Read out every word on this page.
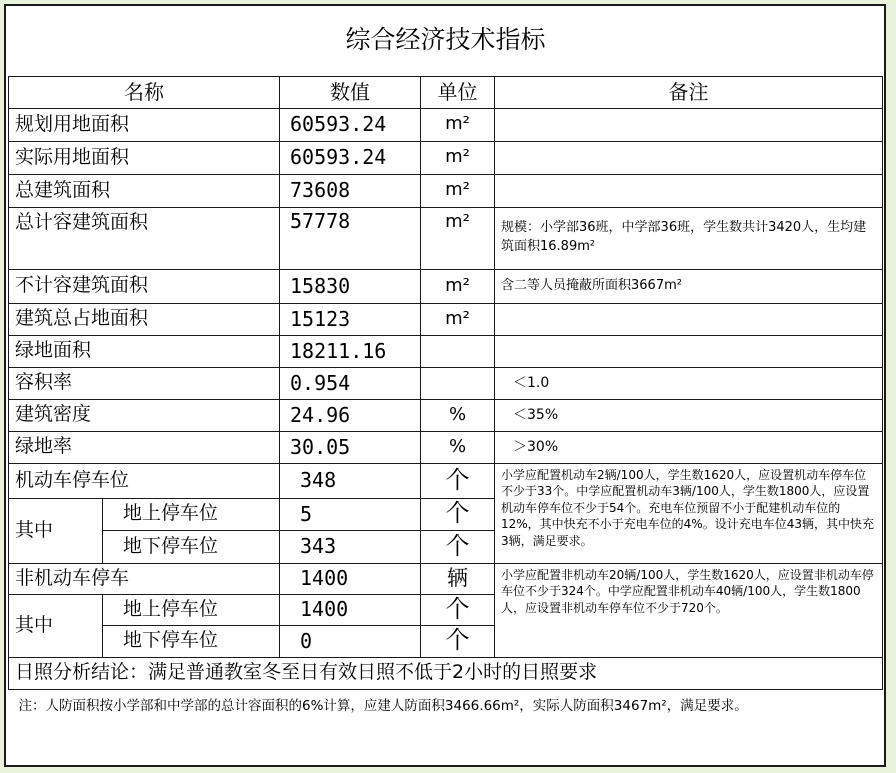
综合经济技术指标				
名称		数值	单位	备注
规划用地面积		60593.24	m²	
实际用地面积		60593.24	m²	
总建筑面积		73608	m²	
总计容建筑面积		57778	m²	规模：小学部36班，中学部36班，学生数共计3420人，生均建筑面积16.89m²
不计容建筑面积		15830	m²	含二等人员掩蔽所面积3667m²
建筑总占地面积		15123	m²	
绿地面积		18211.16		
容积率		0.954		＜1.0
建筑密度		24.96	%	＜35%
绿地率		30.05	%	＞30%
机动车停车位		348	个	小学应配置机动车2辆/100人，学生数1620人，应设置机动车停车位不少于33个。中学应配置机动车3辆/100人，学生数1800人，应设置机动车停车位不少于54个。充电车位预留不小于配建机动车位的12%，其中快充不小于充电车位的4%。设计充电车位43辆，其中快充3辆，满足要求。
其中	地上停车位	5	个	
	地下停车位	343	个	
非机动车停车		1400	辆	小学应配置非机动车20辆/100人，学生数1620人，应设置非机动车停车位不少于324个。中学应配置非机动车40辆/100人，学生数1800人，应设置非机动车停车位不少于720个。
其中	地上停车位	1400	个	
	地下停车位	0	个	
日照分析结论：满足普通教室冬至日有效日照不低于2小时的日照要求				
注：人防面积按小学部和中学部的总计容面积的6%计算，应建人防面积3466.66m²，实际人防面积3467m²，满足要求。				
